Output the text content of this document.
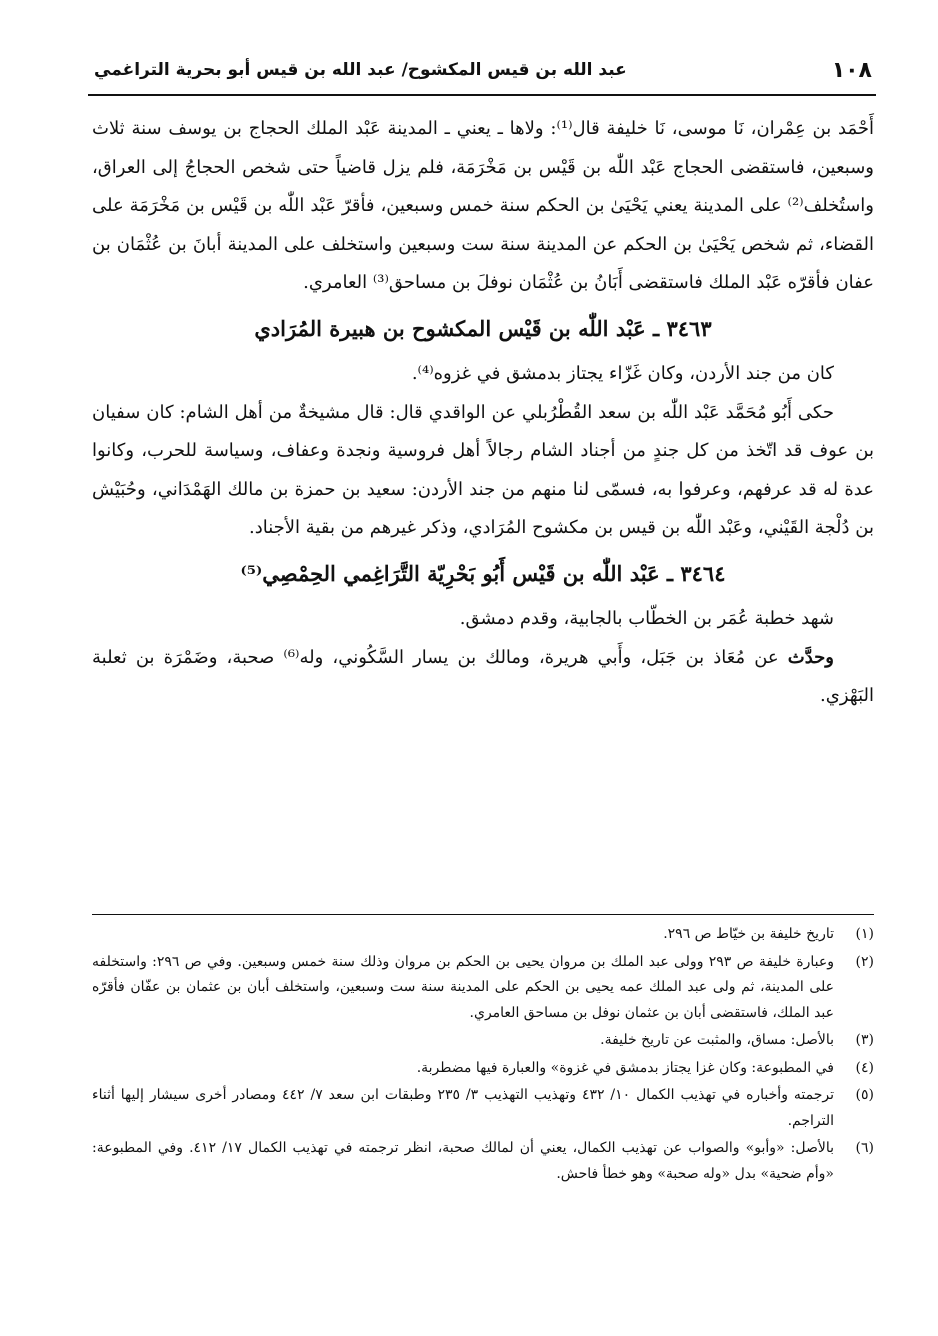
١٠٨
عبد الله بن قيس المكشوح/ عبد الله بن قيس أبو بحرية التراغمي

أَحْمَد بن عِمْران، نَا موسى، نَا خليفة قال⁽¹⁾: ولاها ـ يعني ـ المدينة عَبْد الملك الحجاج بن يوسف سنة ثلاث وسبعين، فاستقضى الحجاج عَبْد اللّٰه بن قَيْس بن مَخْرَمَة، فلم يزل قاضياً حتى شخص الحجاجُ إلى العراق، واستُخلف⁽²⁾ على المدينة يعني يَحْيَىٰ بن الحكم سنة خمس وسبعين، فأقرّ عَبْد اللّٰه بن قَيْس بن مَخْرَمَة على القضاء، ثم شخص يَحْيَىٰ بن الحكم عن المدينة سنة ست وسبعين واستخلف على المدينة أبانَ بن عُثْمَان بن عفان فأقرّه عَبْد الملك فاستقضى أَبَانُ بن عُثْمَان نوفلَ بن مساحق⁽³⁾ العامري.

٣٤٦٣ ـ عَبْد اللّٰه بن قَيْس المكشوح بن هبيرة المُرَادي

كان من جند الأردن، وكان غَزّاء يجتاز بدمشق في غزوه⁽⁴⁾.

حكى أَبُو مُحَمَّد عَبْد اللّٰه بن سعد القُطْرُبلي عن الواقدي قال: قال مشيخةٌ من أهل الشام: كان سفيان بن عوف قد اتّخذ من كل جندٍ من أجناد الشام رجالاً أهل فروسية ونجدة وعفاف، وسياسة للحرب، وكانوا عدة له قد عرفهم، وعرفوا به، فسمّى لنا منهم من جند الأردن: سعيد بن حمزة بن مالك الهَمْدَاني، وحُبَيْش بن دُلْجة القَيْني، وعَبْد اللّٰه بن قيس بن مكشوح المُرَادي، وذكر غيرهم من بقية الأجناد.

٣٤٦٤ ـ عَبْد اللّٰه بن قَيْس أَبُو بَحْرِيّة التَّرَاغِمي الحِمْصِي⁽⁵⁾

شهد خطبة عُمَر بن الخطّاب بالجابية، وقدم دمشق.

وحدَّث عن مُعَاذ بن جَبَل، وأَبي هريرة، ومالك بن يسار السَّكُوني، وله⁽⁶⁾ صحبة، وضَمْرَة بن ثعلبة البَهْزي.

(١)
تاريخ خليفة بن خيّاط ص ٢٩٦.
(٢)
وعبارة خليفة ص ٢٩٣ وولى عبد الملك بن مروان يحيى بن الحكم بن مروان وذلك سنة خمس وسبعين. وفي ص ٢٩٦: واستخلفه على المدينة، ثم ولى عبد الملك عمه يحيى بن الحكم على المدينة سنة ست وسبعين، واستخلف أبان بن عثمان بن عفّان فأقرّه عبد الملك، فاستقضى أبان بن عثمان نوفل بن مساحق العامري.
(٣)
بالأصل: مساق، والمثبت عن تاريخ خليفة.
(٤)
في المطبوعة: وكان غزا يجتاز بدمشق في غزوة» والعبارة فيها مضطربة.
(٥)
ترجمته وأخباره في تهذيب الكمال ١٠/ ٤٣٢ وتهذيب التهذيب ٣/ ٢٣٥ وطبقات ابن سعد ٧/ ٤٤٢ ومصادر أخرى سيشار إليها أثناء التراجم.
(٦)
بالأصل: «وأبو» والصواب عن تهذيب الكمال، يعني أن لمالك صحبة، انظر ترجمته في تهذيب الكمال ١٧/ ٤١٢. وفي المطبوعة: «وأم ضحية» بدل «وله صحبة» وهو خطأ فاحش.
